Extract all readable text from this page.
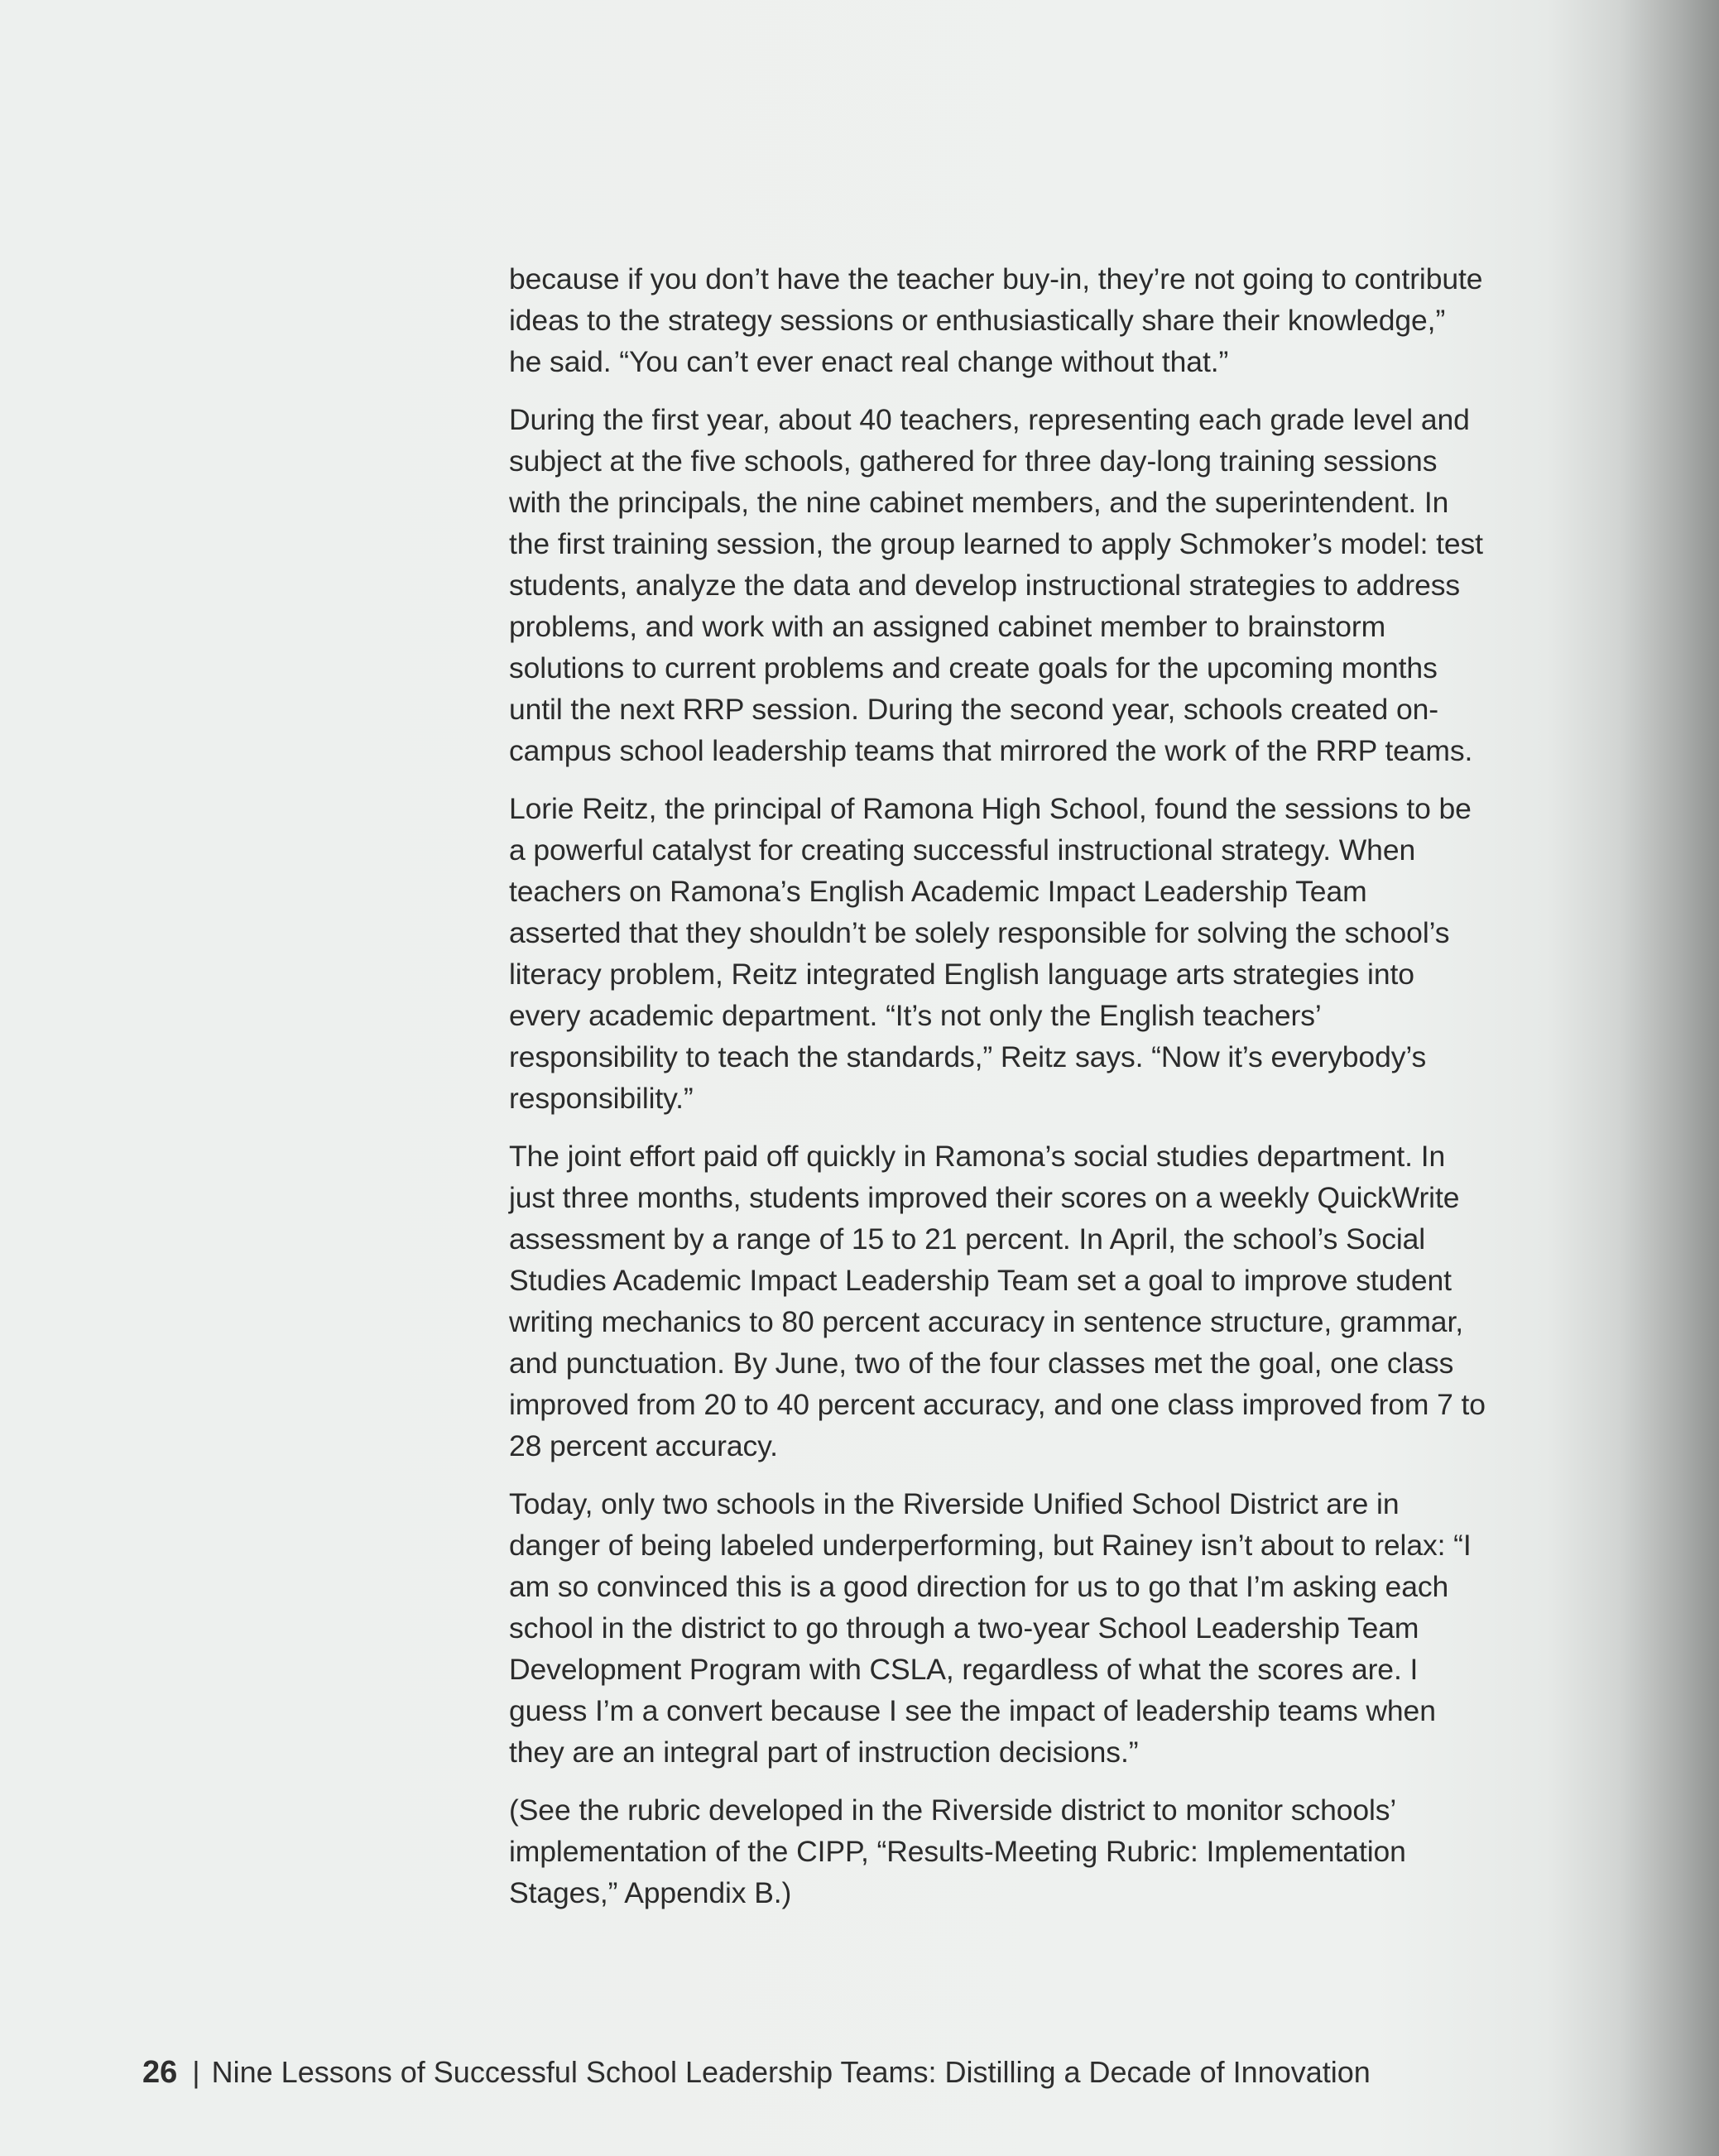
because if you don’t have the teacher buy-in, they’re not going to contribute ideas to the strategy sessions or enthusiastically share their knowledge,” he said. “You can’t ever enact real change without that.”

During the first year, about 40 teachers, representing each grade level and subject at the five schools, gathered for three day-long training sessions with the principals, the nine cabinet members, and the superintendent. In the first training session, the group learned to apply Schmoker’s model: test students, analyze the data and develop instructional strategies to address problems, and work with an assigned cabinet member to brainstorm solutions to current problems and create goals for the upcoming months until the next RRP session. During the second year, schools created on-campus school leadership teams that mirrored the work of the RRP teams.

Lorie Reitz, the principal of Ramona High School, found the sessions to be a powerful catalyst for creating successful instructional strategy. When teachers on Ramona’s English Academic Impact Leadership Team asserted that they shouldn’t be solely responsible for solving the school’s literacy problem, Reitz integrated English language arts strategies into every academic department. “It’s not only the English teachers’ responsibility to teach the standards,” Reitz says. “Now it’s everybody’s responsibility.”

The joint effort paid off quickly in Ramona’s social studies department. In just three months, students improved their scores on a weekly QuickWrite assessment by a range of 15 to 21 percent. In April, the school’s Social Studies Academic Impact Leadership Team set a goal to improve student writing mechanics to 80 percent accuracy in sentence structure, grammar, and punctuation. By June, two of the four classes met the goal, one class improved from 20 to 40 percent accuracy, and one class improved from 7 to 28 percent accuracy.

Today, only two schools in the Riverside Unified School District are in danger of being labeled underperforming, but Rainey isn’t about to relax: “I am so convinced this is a good direction for us to go that I’m asking each school in the district to go through a two-year School Leadership Team Development Program with CSLA, regardless of what the scores are. I guess I’m a convert because I see the impact of leadership teams when they are an integral part of instruction decisions.”

(See the rubric developed in the Riverside district to monitor schools’ implementation of the CIPP, “Results-Meeting Rubric: Implementation Stages,” Appendix B.)

26 | Nine Lessons of Successful School Leadership Teams: Distilling a Decade of Innovation
